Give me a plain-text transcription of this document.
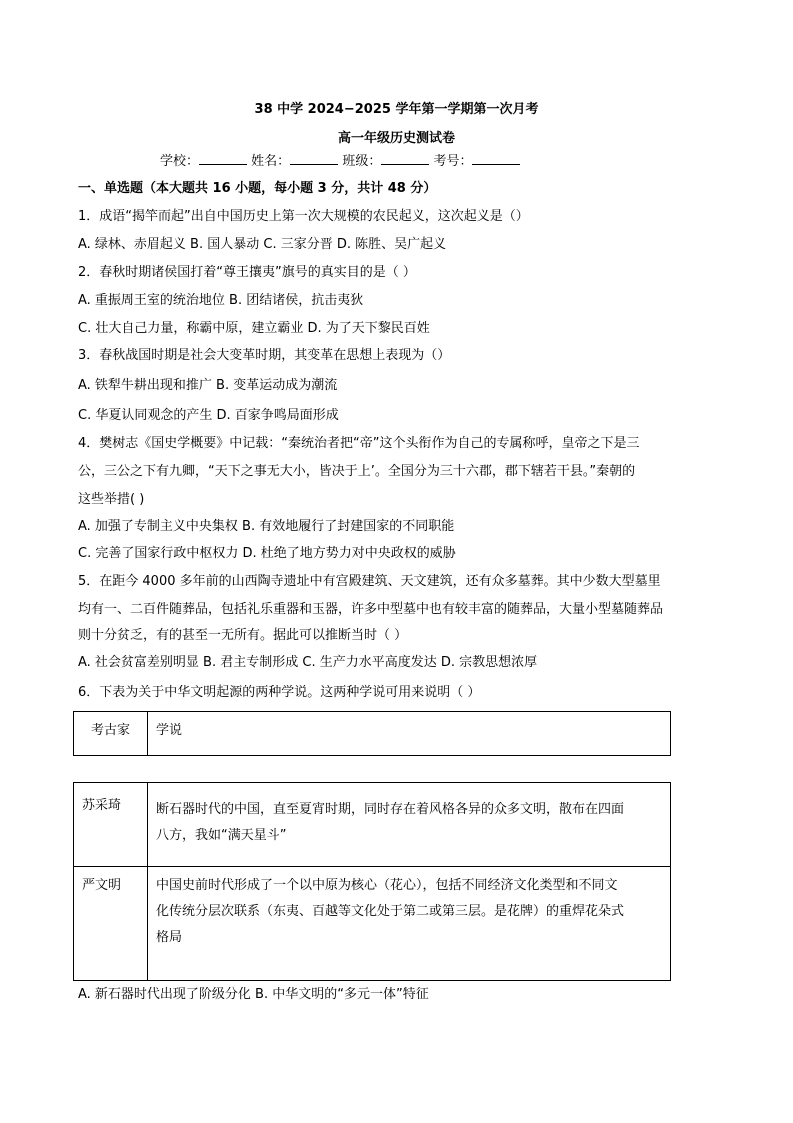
38 中学 2024−2025 学年第一学期第一次月考
高一年级历史测试卷
学校：	姓名：	班级：	考号：
一、单选题（本大题共 16 小题，每小题 3 分，共计 48 分）
1．成语“揭竿而起”出自中国历史上第一次大规模的农民起义，这次起义是（）
A. 绿林、赤眉起义 B. 国人暴动 C. 三家分晋 D. 陈胜、吴广起义
2．春秋时期诸侯国打着“尊王攘夷”旗号的真实目的是（ ）
A. 重振周王室的统治地位 B. 团结诸侯，抗击夷狄
C. 壮大自己力量，称霸中原，建立霸业 D. 为了天下黎民百姓
3．春秋战国时期是社会大变革时期，其变革在思想上表现为（）
A. 铁犁牛耕出现和推广 B. 变革运动成为潮流
C. 华夏认同观念的产生 D. 百家争鸣局面形成
4．樊树志《国史学概要》中记载：“秦统治者把“帝”这个头衔作为自己的专属称呼，皇帝之下是三
公，三公之下有九卿，“天下之事无大小，皆决于上’。全国分为三十六郡，郡下辖若干县。”秦朝的
这些举措( )
A. 加强了专制主义中央集权 B. 有效地履行了封建国家的不同职能
C. 完善了国家行政中枢权力 D. 杜绝了地方势力对中央政权的威胁
5．在距今 4000 多年前的山西陶寺遗址中有宫殿建筑、天文建筑，还有众多墓葬。其中少数大型墓里
均有一、二百件随葬品，包括礼乐重器和玉器，许多中型墓中也有较丰富的随葬品，大量小型墓随葬品
则十分贫乏，有的甚至一无所有。据此可以推断当时（ ）
A. 社会贫富差别明显 B. 君主专制形成 C. 生产力水平高度发达 D. 宗教思想浓厚
6．下表为关于中华文明起源的两种学说。这两种学说可用来说明（ ）
考古家	学说
苏采琦	断石器时代的中国，直至夏宵时期，同时存在着风格各异的众多文明，散布在四面
八方，我如“满天星斗”

严文明	中国史前时代形成了一个以中原为核心（花心），包括不同经济文化类型和不同文
化传统分层次联系（东夷、百越等文化处于第二或第三层。是花牌）的重焊花朵式
格局
A. 新石器时代出现了阶级分化 B. 中华文明的“多元一体”特征
